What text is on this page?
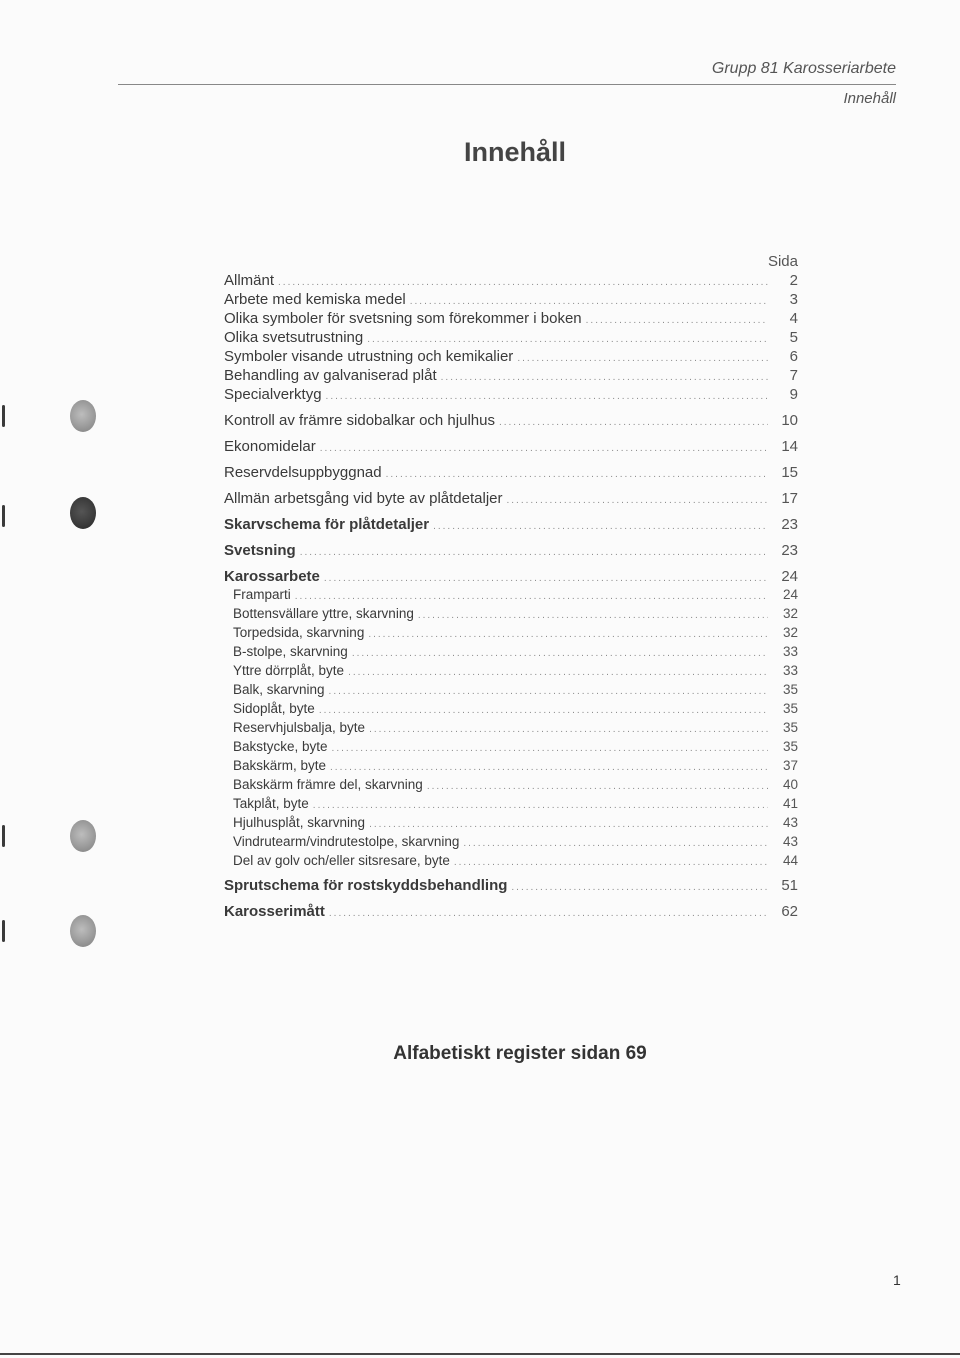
Grupp 81 Karosseriarbete
Innehåll
Innehåll
Sida
Allmänt .....	2
Arbete med kemiska medel .....	3
Olika symboler för svetsning som förekommer i boken .....	4
Olika svetsutrustning .....	5
Symboler visande utrustning och kemikalier .....	6
Behandling av galvaniserad plåt .....	7
Specialverktyg .....	9
Kontroll av främre sidobalkar och hjulhus .....	10
Ekonomidelar .....	14
Reservdelsuppbyggnad .....	15
Allmän arbetsgång vid byte av plåtdetaljer .....	17
Skarvschema för plåtdetaljer .....	23
Svetsning .....	23
Karossarbete .....	24
Framparti .....	24
Bottensvällare yttre, skarvning .....	32
Torpedsida, skarvning .....	32
B-stolpe, skarvning .....	33
Yttre dörrplåt, byte .....	33
Balk, skarvning .....	35
Sidoplåt, byte .....	35
Reservhjulsbalja, byte .....	35
Bakstycke, byte .....	35
Bakskärm, byte .....	37
Bakskärm främre del, skarvning .....	40
Takplåt, byte .....	41
Hjulhusplåt, skarvning .....	43
Vindrutearm/vindrutestolpe, skarvning .....	43
Del av golv och/eller sitsresare, byte .....	44
Sprutschema för rostskyddsbehandling .....	51
Karosserimått .....	62
Alfabetiskt register sidan 69
1
